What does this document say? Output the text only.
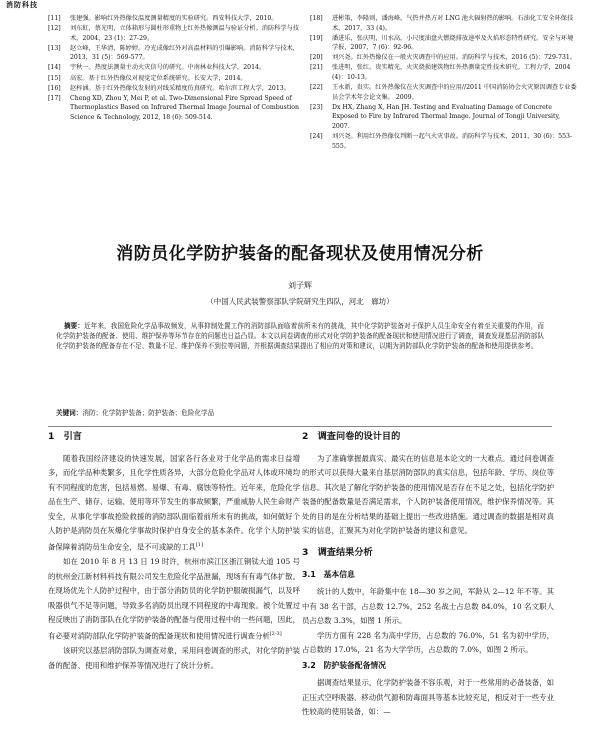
消防科技
[11]	张建强。影响红外热像仪温度测量精度的实验研究。西安科技大学，2010。
[12]	刘东虹，蔡光明，立体箱形与圆柱形重物上红外热像测温与验证分析。消防科学与技术，2004，23 (1)：27-29。
[13]	赵立峰，王华清，陈婷婷。冷光成像红外对高温材料的引爆影响。消防科学与技术，2013，31 (5)：569-577。
[14]	宇秋一。热度法测量主动火灾信号的研究。中南林业科技大学，2014。
[15]	高宏。基于红外热像仪对视觉定位系统研究。长安大学，2014。
[16]	赵梓涵。基于红外热像仪发射的对线采精度仿真研究。哈尔滨工程大学，2013。
[17]	Cheng XD, Zhou Y, Mei P, et al. Two-Dimensional Fire Spread Speed of Thermoplastics Based on Infrared Thermal Image Journal of Combustion Science & Technology, 2012, 18 (6): 509-514.
[18]	进彬策，李隆则，潘海峰。气热并热方对 LNG 池火辐射热的影响。石油化工安全环保技术，2017，33 (4)。
[19]	潘进乐，张庆明，川水高，小尺度油盘火燃烧排放速率及火焰形态特性研究。安全与环境学报，2007，7 (6)：92-96。
[20]	刘兴尧。红外热像仪在一般火灾调查中的应用。消防科学与技术，2016 (5)：729-731。
[21]	张进明，张红。贵实精光，火灾烧损建筑物红外热测量定性技术研究。工程力学，2004 (4)：10-13。
[22]	王永新，贵实。红外热像仪在火灾调查中的应用//2011 中国消防协会火灾原因调查专业委员会学术年会论文集。 2009。
[23]	Dx HX, Zhang X, Han JH. Testing and Evaluating Damage of Concrete Exposed to Fire by Infrared Thermal Image. Journal of Tongji University, 2007.
[24]	刘兴尧。利用红外热像仪判断一起气火灾事故。消防科学与技术，2011，30 (6)：553-555。
消防员化学防护装备的配备现状及使用情况分析
刘子辉
（中国人民武装警察部队学院研究生四队，河北　廊坊）
摘要：近年来，我国危险化学品事故频发，从事抑制处置工作的消防部队面临着前所未有的挑战，其中化学防护装备对于保护人员生命安全有着至关重要的作用，而化学防护装备的配备、使用、维护保养等环节存在的问题也日益凸显。本文以问卷调查的形式对化学防护装备的配备现状和使用情况进行了调查，调查发现基层消防部队化学防护装备的配备存在不足、数量不足、维护保养不到位等问题，并根据调查结果提出了相应的对策和建议，以期为消防部队化学防护装备的配备和使用提供参考。
关键词：消防；化学防护装备；防护装备；危险化学品
1　引言

随着我国经济建设的快速发展，国家各行各业对于化学品的需求日益增多，而化学品种类繁多，且化学性质各异，大部分危险化学品对人体或环境均有不同程度的危害，包括易燃、易爆、有毒、腐蚀等特性。近年来，危险化学品在生产、储存、运输、使用等环节发生的事故频繁，严重威胁人民生命财产安全，从事化学事故抢险救援的消防部队面临着前所未有的挑战，如何做好个人防护是消防员在灰爆化学事故时保护自身安全的基本条件。化学个人防护装备保障着消防员生命安全，是不可或缺的工具[1]

如在 2010 年 8 月 13 日 19 时许，杭州市滨江区浙江铜钛大道 105 号的杭州金江新材料科技有限公司发生危险化学品泄漏，现场有有毒气体扩散。在现场优先个人防护过程中，由于部分消防员的化学防护服破损漏气，以及呼吸器供气不足等问题，导致多名消防员出现不同程度的中毒现象。被个处置过程反映出了消防部队在化学防护装备的配备与使用过程中的一些问题，因此，有必要对消防部队化学防护装备的配备现状和使用情况进行调查分析[2-3]

该研究以基层消防部队为调查对象，采用问卷调查的形式，对化学防护装备的配备、使用和维护保养等情况进行了统计分析。

2　调查问卷的设计目的

为了准确掌握最真实、最实在的信息是本论文的一大难点。通过问卷调查的形式可以获得大量来自基层消防部队的真实信息，包括年龄、学历、岗位等信息。其次是了解化学防护装备的使用情况是否存在不足之处，包括化学防护装备的配备数量是否满足需求，个人防护装备使用情况，维护保养情况等。其处的目的是在分析结果的基础上提出一些改进措施。通过调查的数据是相对真实的信息，汇聚其为对化学防护装备的建议和意见。

3　调查结果分析
3.1　基本信息

统计的人数中，年龄集中在 18—30 岁之间，军龄从 2—12 年不等。其中有 38 名干部，占总数 12.7%，252 名战士占总数 84.0%，10 名文职人员占总数 3.3%，如图 1 所示。

学历方面有 228 名为高中学历，占总数的 76.0%，51 名为初中学历，占总数的 17.0%，21 名为大学学历，占总数的 7.0%，如图 2 所示。

3.2　防护装备配备情况

据调查结果显示，化学防护装备不容乐观，对于一些常用的必备装备，如正压式空呼吸器、移动供气源和防毒面具等基本比较充足，相反对于一些专业性较高的使用装备，如：—
